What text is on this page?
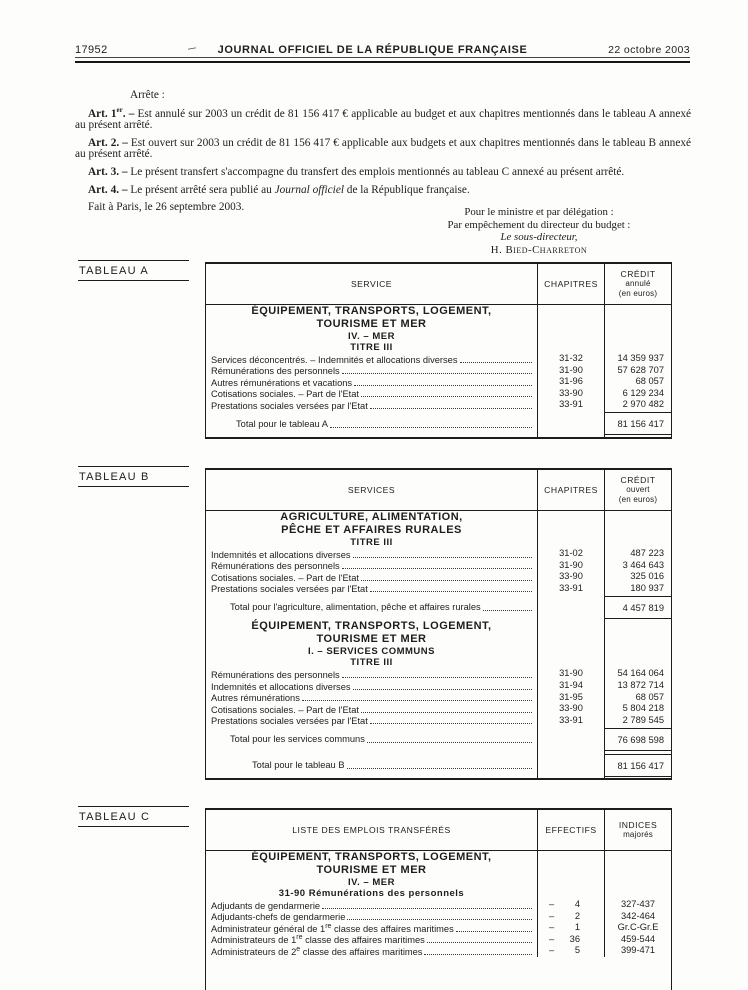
17952	JOURNAL OFFICIEL DE LA RÉPUBLIQUE FRANÇAISE	22 octobre 2003

Arrête :

Art. 1er. – Est annulé sur 2003 un crédit de 81 156 417 € applicable au budget et aux chapitres mentionnés dans le tableau A annexé au présent arrêté.

Art. 2. – Est ouvert sur 2003 un crédit de 81 156 417 € applicable aux budgets et aux chapitres mentionnés dans le tableau B annexé au présent arrêté.

Art. 3. – Le présent transfert s'accompagne du transfert des emplois mentionnés au tableau C annexé au présent arrêté.

Art. 4. – Le présent arrêté sera publié au Journal officiel de la République française.

Fait à Paris, le 26 septembre 2003.	Pour le ministre et par délégation :
Par empêchement du directeur du budget :
Le sous-directeur,
H. Bied-Charreton
TABLEAU A
SERVICE	CHAPITRES
CRÉDIT
annulé
(en euros)
ÉQUIPEMENT, TRANSPORTS, LOGEMENT,
TOURISME ET MER
IV. – MER
TITRE III
Services déconcentrés. – Indemnités et allocations diverses	31-32	14 359 937
Rémunérations des personnels	31-90	57 628 707
Autres rémunérations et vacations	31-96	68 057
Cotisations sociales. – Part de l'Etat	33-90	6 129 234
Prestations sociales versées par l'Etat	33-91	2 970 482
Total pour le tableau A	81 156 417
TABLEAU B
SERVICES	CHAPITRES
CRÉDIT
ouvert
(en euros)
AGRICULTURE, ALIMENTATION,
PÊCHE ET AFFAIRES RURALES
TITRE III
Indemnités et allocations diverses	31-02	487 223
Rémunérations des personnels	31-90	3 464 643
Cotisations sociales. – Part de l'Etat	33-90	325 016
Prestations sociales versées par l'Etat	33-91	180 937
Total pour l'agriculture, alimentation, pêche et affaires rurales	4 457 819
ÉQUIPEMENT, TRANSPORTS, LOGEMENT,
TOURISME ET MER
I. – SERVICES COMMUNS
TITRE III
Rémunérations des personnels	31-90	54 164 064
Indemnités et allocations diverses	31-94	13 872 714
Autres rémunérations	31-95	68 057
Cotisations sociales. – Part de l'Etat	33-90	5 804 218
Prestations sociales versées par l'Etat	33-91	2 789 545
Total pour les services communs	76 698 598
Total pour le tableau B	81 156 417
TABLEAU C
LISTE DES EMPLOIS TRANSFÉRÉS	EFFECTIFS
INDICES
majorés
ÉQUIPEMENT, TRANSPORTS, LOGEMENT,
TOURISME ET MER
IV. – MER
31-90 Rémunérations des personnels
Adjudants de gendarmerie	–	4	327-437
Adjudants-chefs de gendarmerie	–	2	342-464
Administrateur général de 1re classe des affaires maritimes	–	1	Gr.C-Gr.E
Administrateurs de 1re classe des affaires maritimes	– 36	459-544
Administrateurs de 2e classe des affaires maritimes	–	5	399-471
